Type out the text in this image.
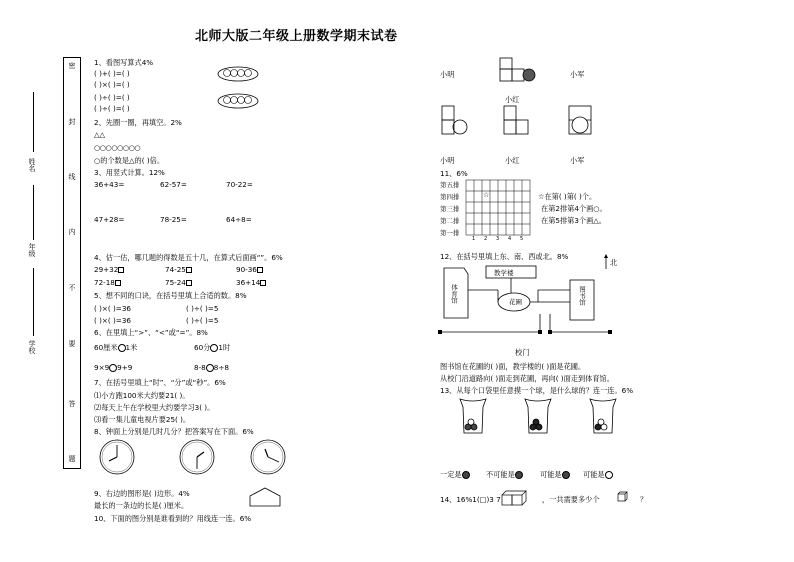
北师大版二年级上册数学期末试卷
姓名
年级
学校
密
封
线
内
不
要
答
题
1、看图写算式4%
( )+( )=( )
( )×( )=( )
( )÷( )=( )
( )÷( )=( )
2、先圈一圈，再填空。2%
△△
○○○○○○○○
○的个数是△的( )倍。
3、用竖式计算。12%
36+43=	62-57=	70-22=
47+28=	78-25=	64÷8=
4、估一估，哪几题的得数是五十几，在算式后面画“”。6%
29+32	74-25	90-36
72-18	75-24	36+14
5、想不同的口诀，在括号里填上合适的数。8%
( )×( )=36	( )÷( )=5
( )×( )=36	( )÷( )=5
6、在里填上“>”、“<”或“=”。8%
60厘米 1米	60分 1时
9×9 9+9	8-8 8÷8
7、在括号里填上“时”、“分”或“秒”。6%
⑴小方跑100米大约要21( )。
⑵每天上午在学校里大约要学习3( )。
⑶看一集儿童电视片要25( )。
8、钟面上分别是几时几分？把答案写在下面。6%
9、右边的图形是( )边形。4%
最长的一条边的长是( )厘米。
10、下面的图分别是谁看到的？用线连一连。6%
小明	小军
小红
小明	小红	小军
11、6%
第五排
第四排
第三排
第二排
第一排
☆
1 2 3 4 5
☆在第( )第( )个。
在第2排第4个画○。
在第5排第3个画△。
12、在括号里填上东、南、西或北。8%
北
教学楼
花圃
体育馆	图书馆
校门
图书馆在花圃的( )面，教学楼的( )面是花圃。
从校门沿道路向( )面走到花圃，再向( )面走到体育馆。
13、从每个口袋里任意摸一个球，是什么球的？连一连。6%
一定是	不可能是	可能是	可能是
14、16%1(□)3 7	，一共需要多少个	？
